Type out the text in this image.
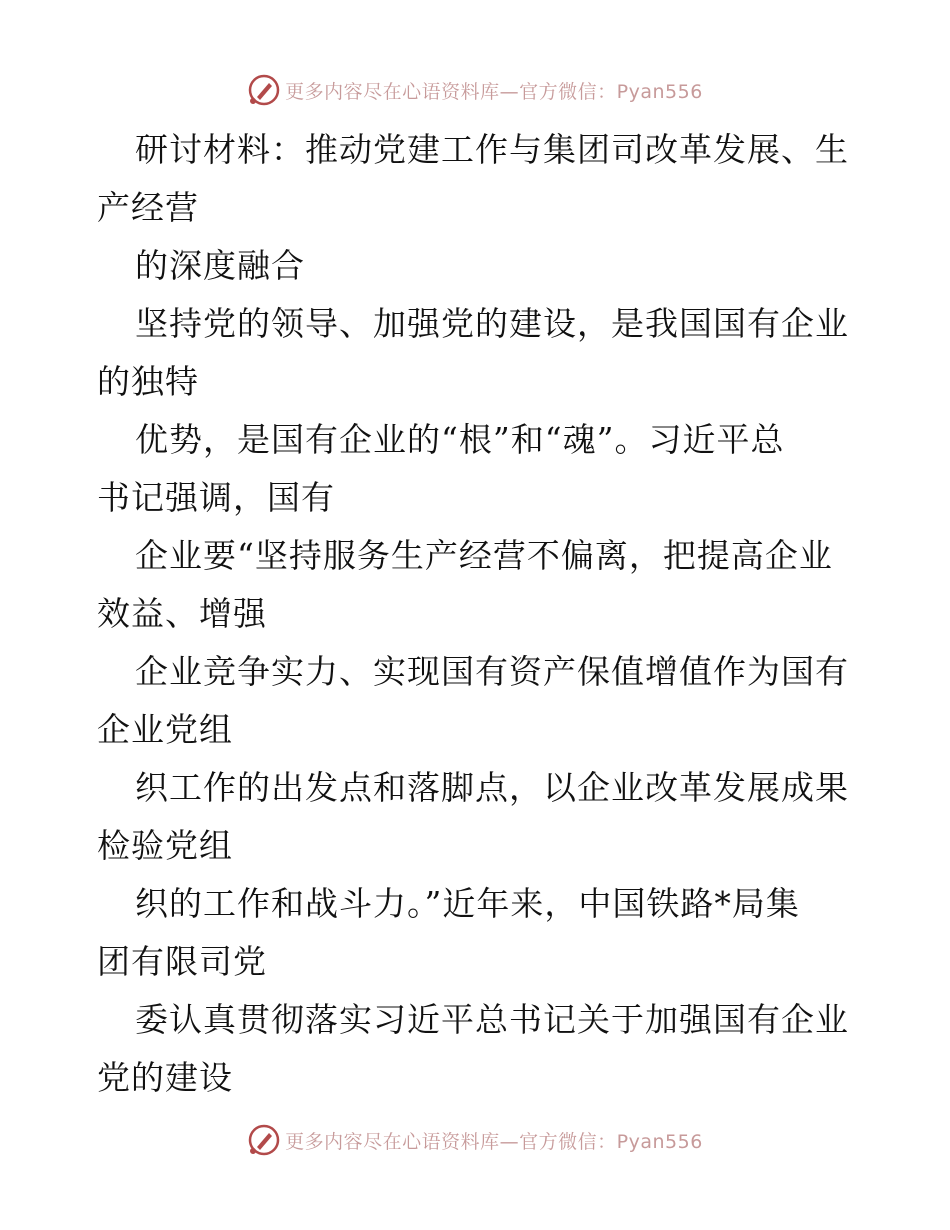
更多内容尽在心语资料库—官方微信：Pyan556
研讨材料：推动党建工作与集团司改革发展、生
产经营
的深度融合
坚持党的领导、加强党的建设，是我国国有企业
的独特
优势，是国有企业的“根”和“魂”。习近平总
书记强调，国有
企业要“坚持服务生产经营不偏离，把提高企业
效益、增强
企业竞争实力、实现国有资产保值增值作为国有
企业党组
织工作的出发点和落脚点，以企业改革发展成果
检验党组
织的工作和战斗力。”近年来，中国铁路*局集
团有限司党
委认真贯彻落实习近平总书记关于加强国有企业
党的建设
更多内容尽在心语资料库—官方微信：Pyan556
